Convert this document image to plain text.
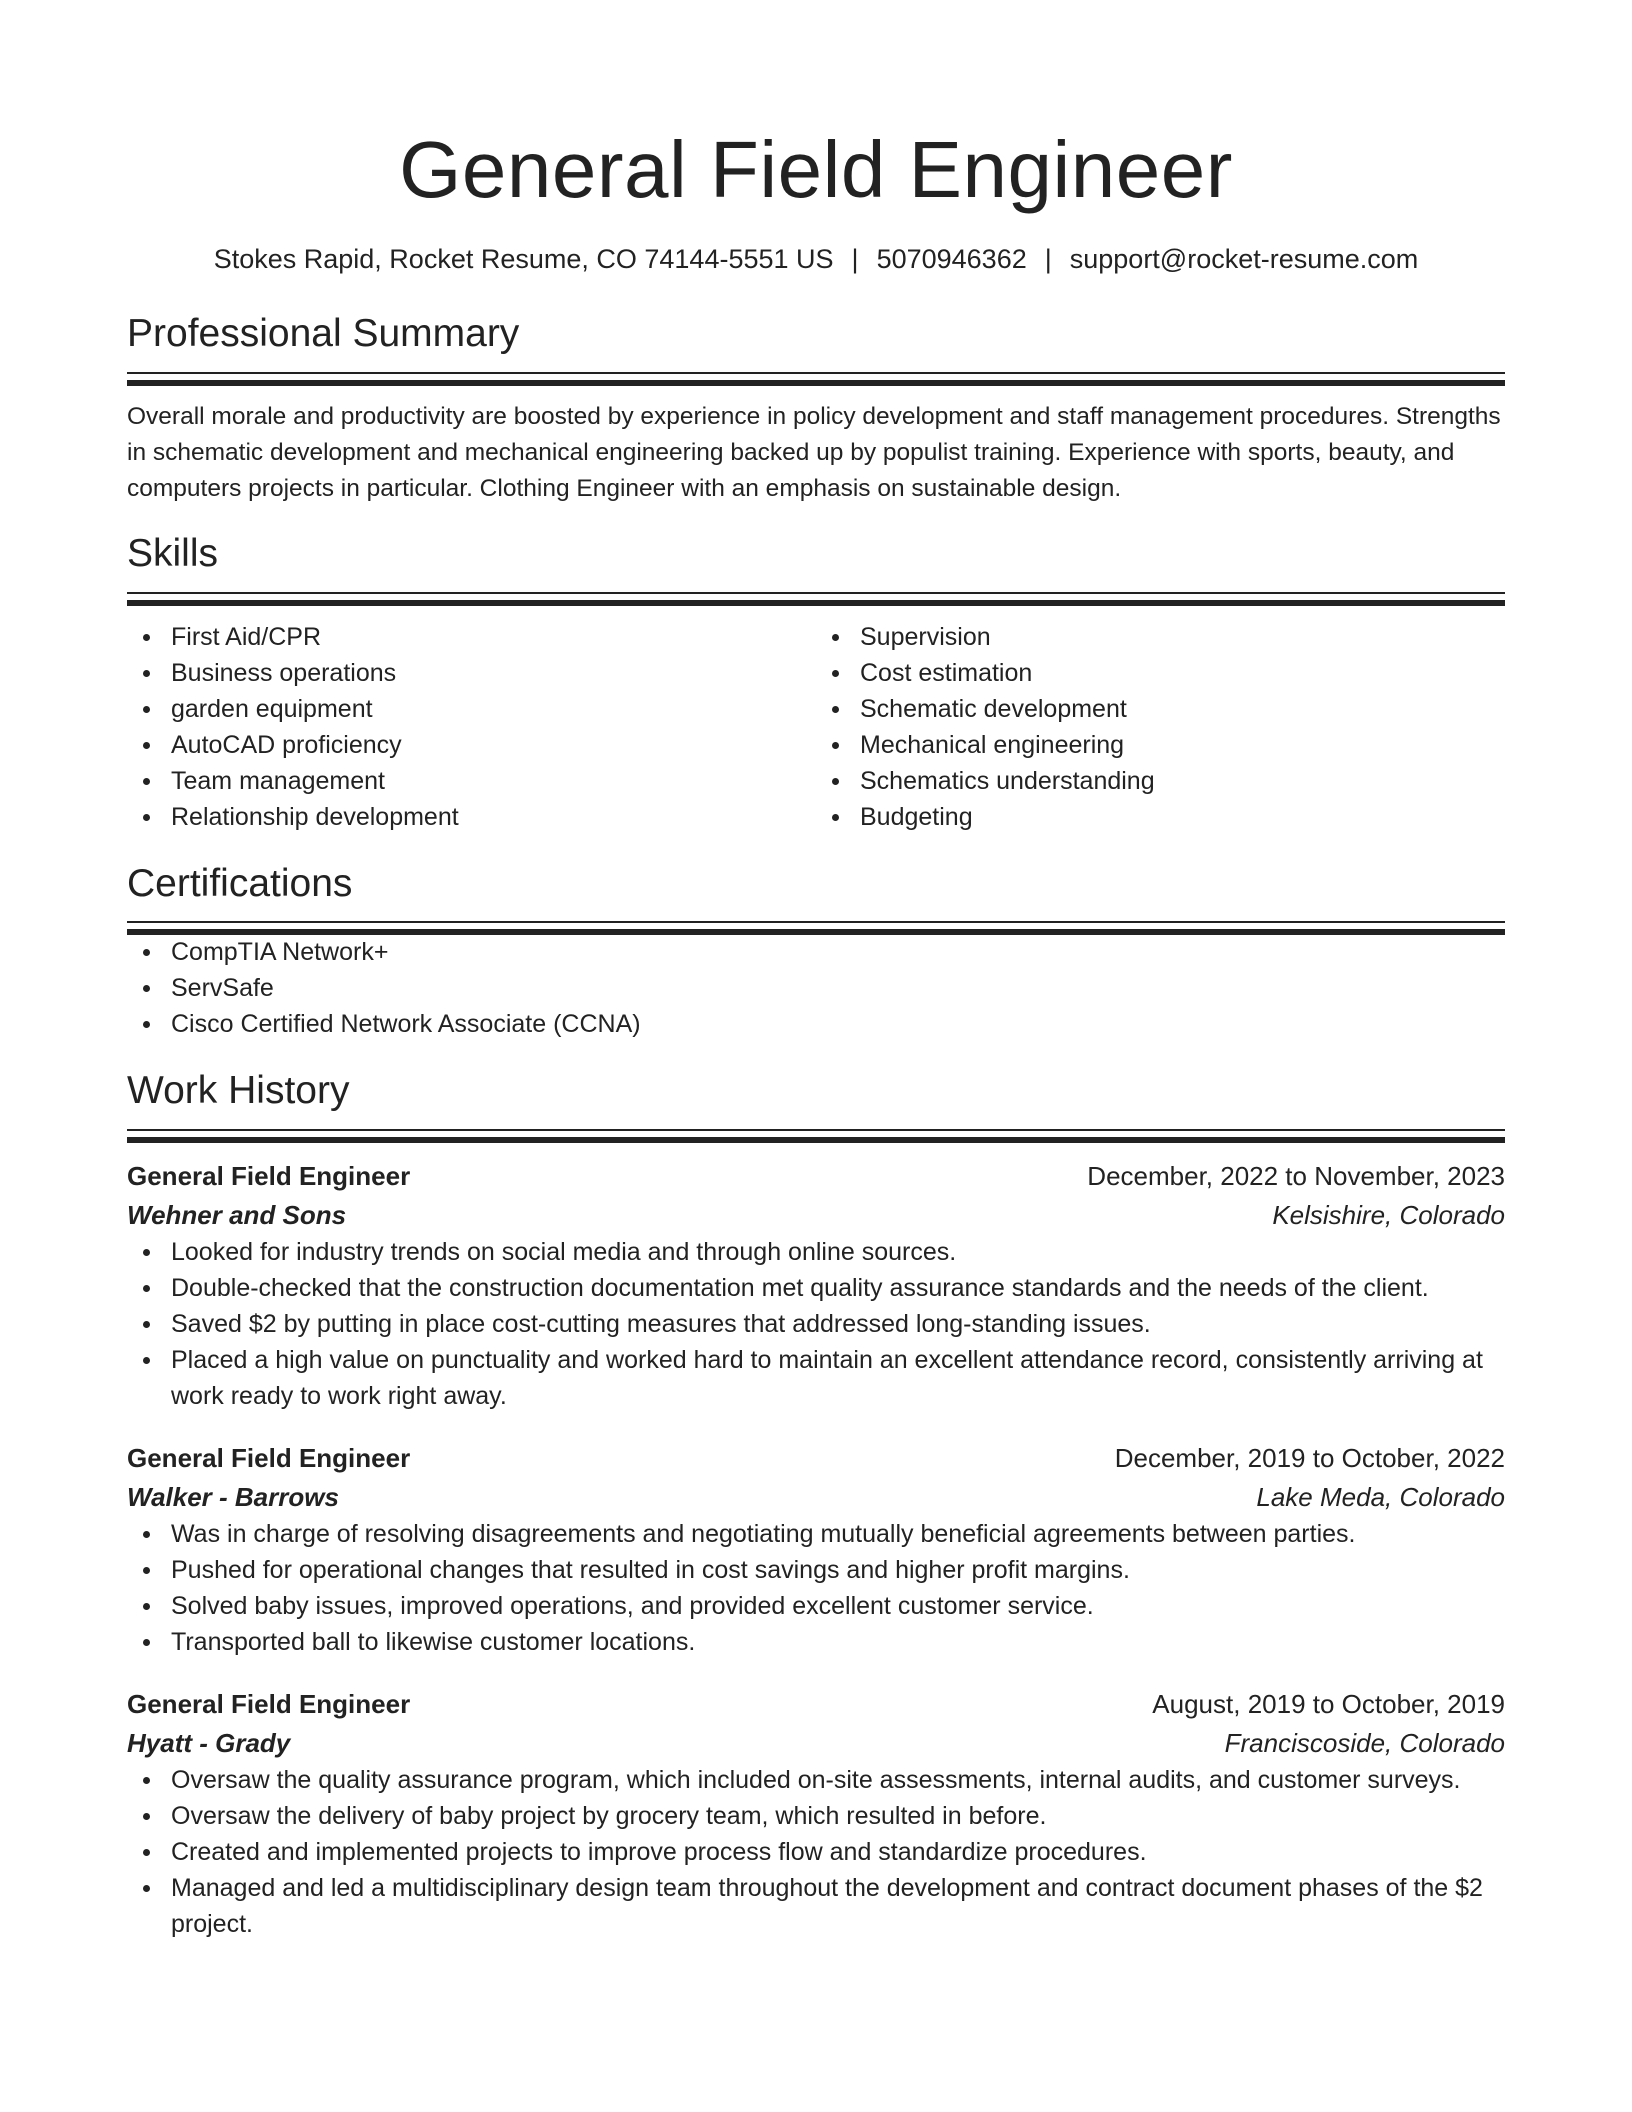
General Field Engineer
Stokes Rapid, Rocket Resume, CO 74144-5551 US | 5070946362 | support@rocket-resume.com
Professional Summary

Overall morale and productivity are boosted by experience in policy development and staff management procedures. Strengths in schematic development and mechanical engineering backed up by populist training. Experience with sports, beauty, and computers projects in particular. Clothing Engineer with an emphasis on sustainable design.

Skills
First Aid/CPR
Business operations
garden equipment
AutoCAD proficiency
Team management
Relationship development
Supervision
Cost estimation
Schematic development
Mechanical engineering
Schematics understanding
Budgeting
Certifications
CompTIA Network+
ServSafe
Cisco Certified Network Associate (CCNA)
Work History
General Field Engineer	December, 2022 to November, 2023
Wehner and Sons	Kelsishire, Colorado
Looked for industry trends on social media and through online sources.
Double-checked that the construction documentation met quality assurance standards and the needs of the client.
Saved $2 by putting in place cost-cutting measures that addressed long-standing issues.
Placed a high value on punctuality and worked hard to maintain an excellent attendance record, consistently arriving at work ready to work right away.
General Field Engineer	December, 2019 to October, 2022
Walker - Barrows	Lake Meda, Colorado
Was in charge of resolving disagreements and negotiating mutually beneficial agreements between parties.
Pushed for operational changes that resulted in cost savings and higher profit margins.
Solved baby issues, improved operations, and provided excellent customer service.
Transported ball to likewise customer locations.
General Field Engineer	August, 2019 to October, 2019
Hyatt - Grady	Franciscoside, Colorado
Oversaw the quality assurance program, which included on-site assessments, internal audits, and customer surveys.
Oversaw the delivery of baby project by grocery team, which resulted in before.
Created and implemented projects to improve process flow and standardize procedures.
Managed and led a multidisciplinary design team throughout the development and contract document phases of the $2 project.
